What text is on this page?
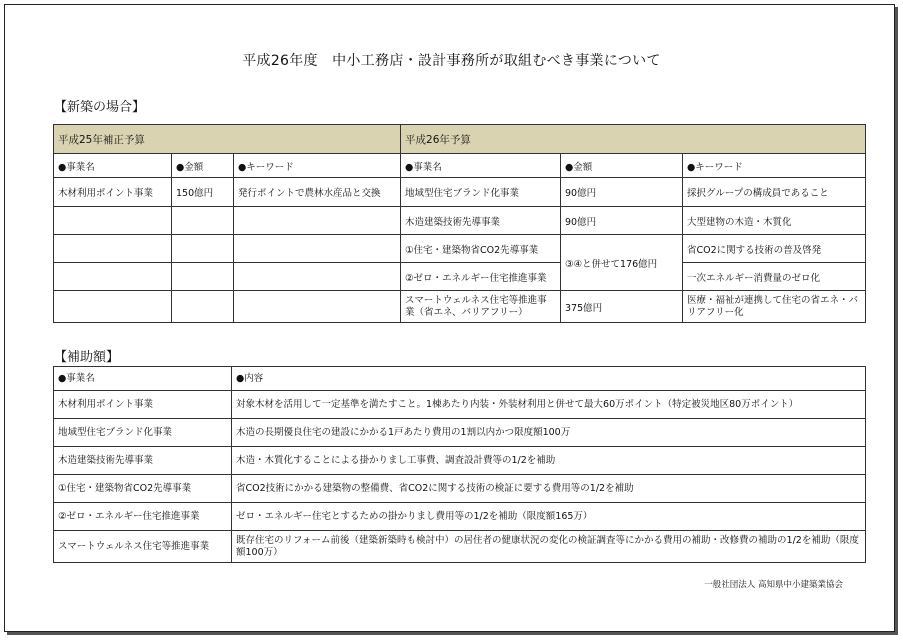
平成26年度　中小工務店・設計事務所が取組むべき事業について
【新築の場合】
平成25年補正予算			平成26年予算		
●事業名	●金額	●キーワード	●事業名	●金額	●キーワード
木材利用ポイント事業	150億円	発行ポイントで農林水産品と交換	地域型住宅ブランド化事業	90億円	採択グループの構成員であること
			木造建築技術先導事業	90億円	大型建物の木造・木質化
			①住宅・建築物省CO2先導事業	③④と併せて176億円	省CO2に関する技術の普及啓発
			②ゼロ・エネルギー住宅推進事業		一次エネルギー消費量のゼロ化
			スマートウェルネス住宅等推進事業（省エネ、バリアフリー）	375億円	医療・福祉が連携して住宅の省エネ・バリアフリー化
【補助額】
●事業名	●内容
木材利用ポイント事業	対象木材を活用して一定基準を満たすこと。1棟あたり内装・外装材利用と併せて最大60万ポイント（特定被災地区80万ポイント）
地域型住宅ブランド化事業	木造の長期優良住宅の建設にかかる1戸あたり費用の1割以内かつ限度額100万
木造建築技術先導事業	木造・木質化することによる掛かりまし工事費、調査設計費等の1/2を補助
①住宅・建築物省CO2先導事業	省CO2技術にかかる建築物の整備費、省CO2に関する技術の検証に要する費用等の1/2を補助
②ゼロ・エネルギー住宅推進事業	ゼロ・エネルギー住宅とするための掛かりまし費用等の1/2を補助（限度額165万）
スマートウェルネス住宅等推進事業	既存住宅のリフォーム前後（建築新築時も検討中）の居住者の健康状況の変化の検証調査等にかかる費用の補助・改修費の補助の1/2を補助（限度額100万）
一般社団法人 高知県中小建築業協会
